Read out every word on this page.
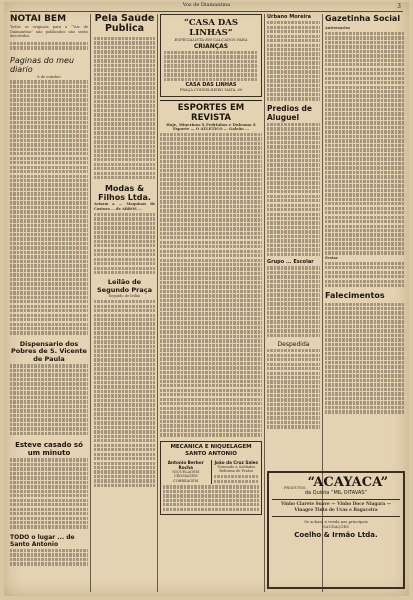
Voz de Diamantina	3
NOTAI BEM
Todos os originais para a “Voz de Diamantina” não publicados não serão devolvidos.
Paginas do meu diario
8 de outubro
Dispensario dos Pobres de S. Vicente de Paula
Esteve casado só um minuto
TODO o lugar ... de Santo Antonio
Pela Saúde Publica
Modas & Filhos Ltda.
Avisam a ... Maquinas de Costura ... de ABBOS ...
Leilão de Segundo Praça
Seguido de leilão
“CASA DAS LINHAS”
ESPECIALISTA EM CALÇADOS PARA
CRIANÇAS
CASA DAS LINHAS
PRAÇA CONSELHEIRO MATA, 60
ESPORTES EM REVISTA
Hoje, Minerinos X Pedrinhos e Duleamo X Esporte — O ATLETICO ... Galeão ...
MECANICA E NIQUELAGEM SANTO ANTONIO
Antonio Berbor Rocha
NIQUELAGEM
CROMAGEM
COBREAGEM
João da Cruz Sales
Torneado a Soldados
Reforma de Pratos
Urbano Moreira
Predios de Aluguel
Grupo ... Escolar
Despedida
Gazetinha Social
Aniversarios
Festas
Falecimentos
PRODUTOS “ACAYACA”
da Quinta “MIL OITAVAS”
Vinho Clarete Suave — Vinho Doce Niagara — Vinagre Tinto de Uvas e Bagaceira
Se achará à venda nas principais
SAUDAÇÕES
Coelho & Irmão Ltda.
